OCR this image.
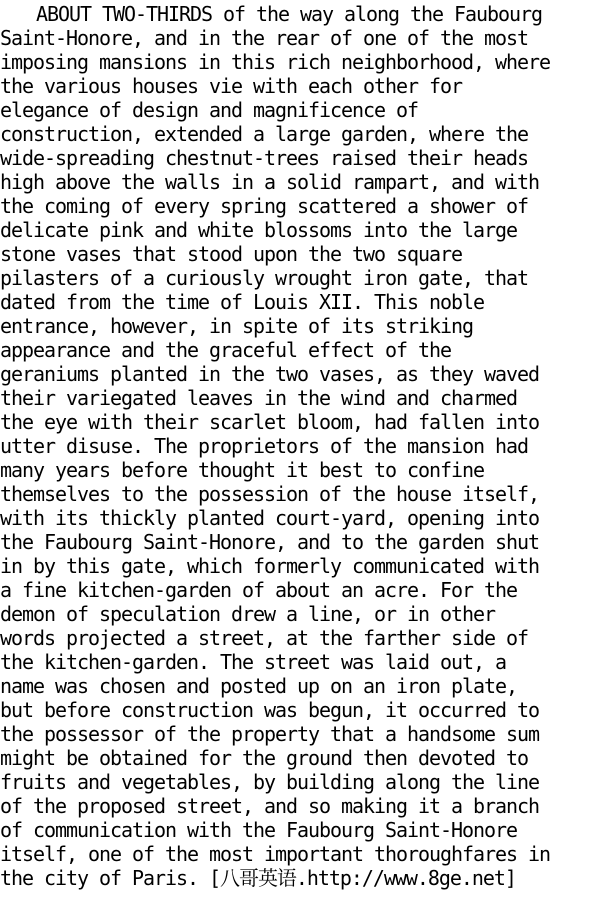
ABOUT TWO-THIRDS of the way along the Faubourg
Saint-Honore, and in the rear of one of the most
imposing mansions in this rich neighborhood, where
the various houses vie with each other for
elegance of design and magnificence of
construction, extended a large garden, where the
wide-spreading chestnut-trees raised their heads
high above the walls in a solid rampart, and with
the coming of every spring scattered a shower of
delicate pink and white blossoms into the large
stone vases that stood upon the two square
pilasters of a curiously wrought iron gate, that
dated from the time of Louis XII. This noble
entrance, however, in spite of its striking
appearance and the graceful effect of the
geraniums planted in the two vases, as they waved
their variegated leaves in the wind and charmed
the eye with their scarlet bloom, had fallen into
utter disuse. The proprietors of the mansion had
many years before thought it best to confine
themselves to the possession of the house itself,
with its thickly planted court-yard, opening into
the Faubourg Saint-Honore, and to the garden shut
in by this gate, which formerly communicated with
a fine kitchen-garden of about an acre. For the
demon of speculation drew a line, or in other
words projected a street, at the farther side of
the kitchen-garden. The street was laid out, a
name was chosen and posted up on an iron plate,
but before construction was begun, it occurred to
the possessor of the property that a handsome sum
might be obtained for the ground then devoted to
fruits and vegetables, by building along the line
of the proposed street, and so making it a branch
of communication with the Faubourg Saint-Honore
itself, one of the most important thoroughfares in
the city of Paris. [八哥英语.http://www.8ge.net]
